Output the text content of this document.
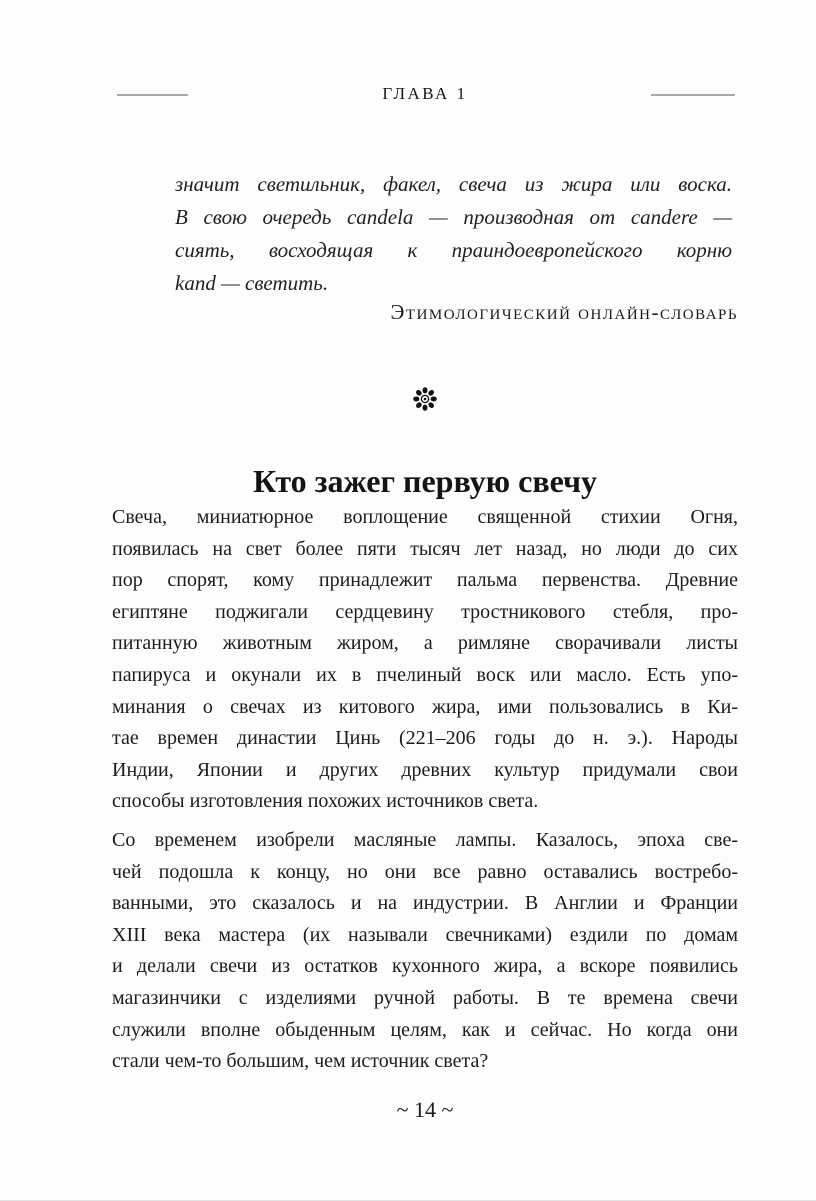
ГЛАВА 1
значит светильник, факел, свеча из жира или воска.
В свою очередь candela — производная от candere —
сиять, восходящая к праиндоевропейского корню
kand — светить.
Этимологический онлайн-словарь
Кто зажег первую свечу
Свеча, миниатюрное воплощение священной стихии Огня,
появилась на свет более пяти тысяч лет назад, но люди до сих
пор спорят, кому принадлежит пальма первенства. Древние
египтяне поджигали сердцевину тростникового стебля, про-
питанную животным жиром, а римляне сворачивали листы
папируса и окунали их в пчелиный воск или масло. Есть упо-
минания о свечах из китового жира, ими пользовались в Ки-
тае времен династии Цинь (221–206 годы до н. э.). Народы
Индии, Японии и других древних культур придумали свои
способы изготовления похожих источников света.
Со временем изобрели масляные лампы. Казалось, эпоха све-
чей подошла к концу, но они все равно оставались востребо-
ванными, это сказалось и на индустрии. В Англии и Франции
XIII века мастера (их называли свечниками) ездили по домам
и делали свечи из остатков кухонного жира, а вскоре появились
магазинчики с изделиями ручной работы. В те времена свечи
служили вполне обыденным целям, как и сейчас. Но когда они
стали чем-то большим, чем источник света?
~ 14 ~
